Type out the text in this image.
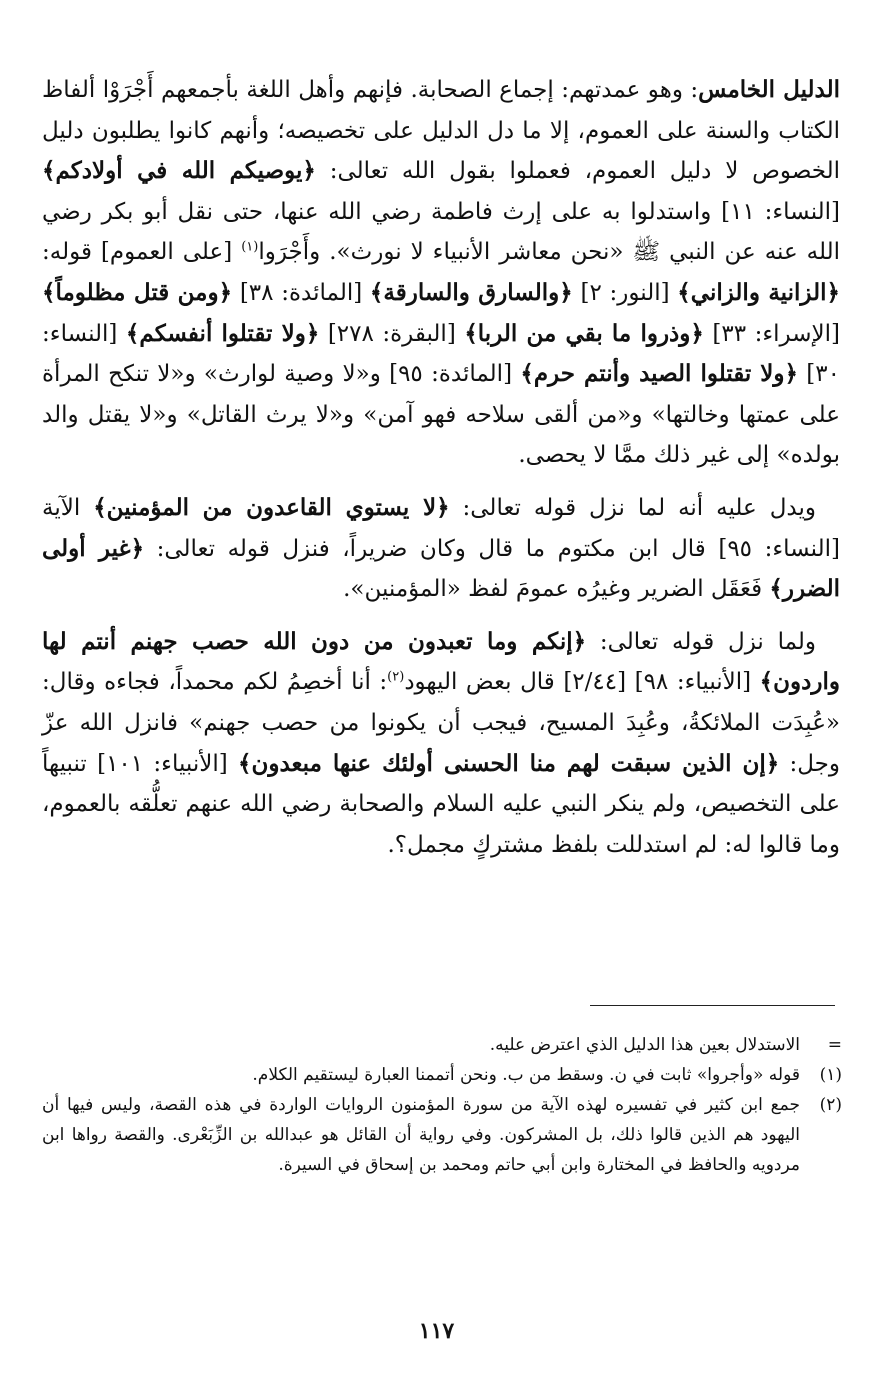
الدليل الخامس: وهو عمدتهم: إجماع الصحابة. فإنهم وأهل اللغة بأجمعهم أَجْرَوْا ألفاظ الكتاب والسنة على العموم، إلا ما دل الدليل على تخصيصه؛ وأنهم كانوا يطلبون دليل الخصوص لا دليل العموم، فعملوا بقول الله تعالى: ﴿يوصيكم الله في أولادكم﴾ [النساء: ١١] واستدلوا به على إرث فاطمة رضي الله عنها، حتى نقل أبو بكر رضي الله عنه عن النبي ﷺ «نحن معاشر الأنبياء لا نورث». وأَجْرَوا$^{(١)}$ [على العموم] قوله: ﴿الزانية والزاني﴾ [النور: ٢] ﴿والسارق والسارقة﴾ [المائدة: ٣٨] ﴿ومن قتل مظلوماً﴾ [الإسراء: ٣٣] ﴿وذروا ما بقي من الربا﴾ [البقرة: ٢٧٨] ﴿ولا تقتلوا أنفسكم﴾ [النساء: ٣٠] ﴿ولا تقتلوا الصيد وأنتم حرم﴾ [المائدة: ٩٥] و«لا وصية لوارث» و«لا تنكح المرأة على عمتها وخالتها» و«من ألقى سلاحه فهو آمن» و«لا يرث القاتل» و«لا يقتل والد بولده» إلى غير ذلك ممَّا لا يحصى.

ويدل عليه أنه لما نزل قوله تعالى: ﴿لا يستوي القاعدون من المؤمنين﴾ الآية [النساء: ٩٥] قال ابن مكتوم ما قال وكان ضريراً، فنزل قوله تعالى: ﴿غير أولى الضرر﴾ فَعَقَل الضرير وغيرُه عمومَ لفظ «المؤمنين».

ولما نزل قوله تعالى: ﴿إنكم وما تعبدون من دون الله حصب جهنم أنتم لها واردون﴾ [الأنبياء: ٩٨] [٢/٤٤] قال بعض اليهود$^{(٢)}$: أنا أخصِمُ لكم محمداً، فجاءه وقال: «عُبِدَت الملائكةُ، وعُبِدَ المسيح، فيجب أن يكونوا من حصب جهنم» فانزل الله عزّ وجل: ﴿إن الذين سبقت لهم منا الحسنى أولئك عنها مبعدون﴾ [الأنبياء: ١٠١] تنبيهاً على التخصيص، ولم ينكر النبي عليه السلام والصحابة رضي الله عنهم تعلُّقه بالعموم، وما قالوا له: لم استدللت بلفظ مشتركٍ مجمل؟.

=
الاستدلال بعين هذا الدليل الذي اعترض عليه.
(١)
قوله «وأجروا» ثابت في ن. وسقط من ب. ونحن أتممنا العبارة ليستقيم الكلام.
(٢)
جمع ابن كثير في تفسيره لهذه الآية من سورة المؤمنون الروايات الواردة في هذه القصة، وليس فيها أن اليهود هم الذين قالوا ذلك، بل المشركون. وفي رواية أن القائل هو عبدالله بن الزِّبَعْرى. والقصة رواها ابن مردويه والحافظ في المختارة وابن أبي حاتم ومحمد بن إسحاق في السيرة.
١١٧
